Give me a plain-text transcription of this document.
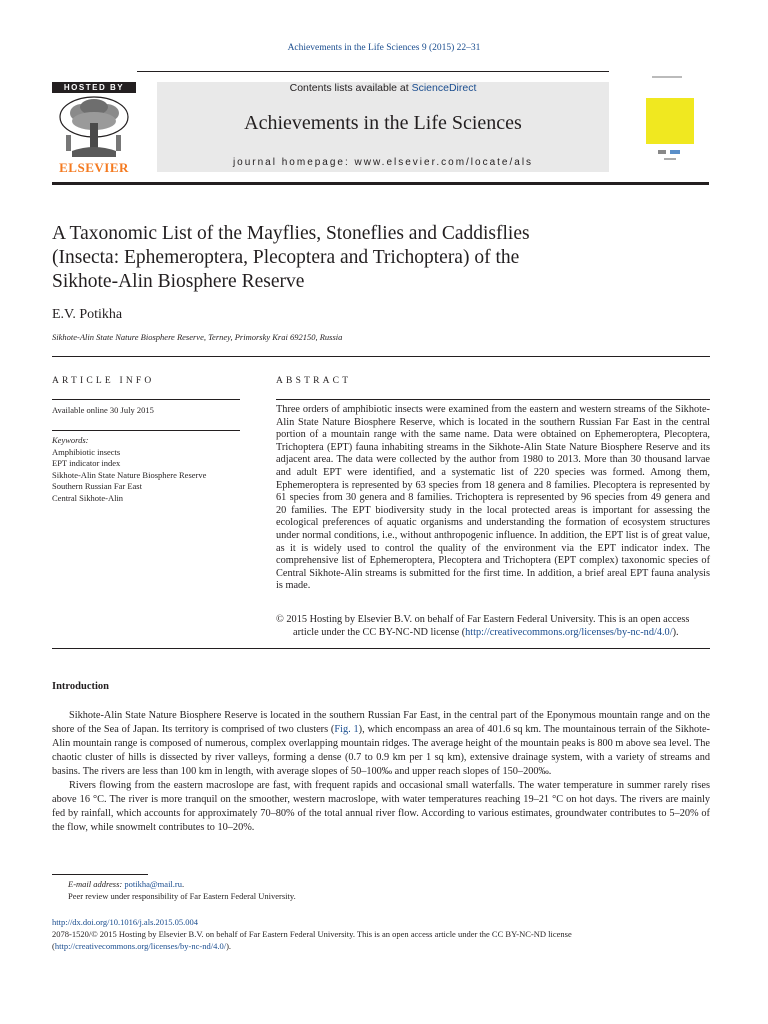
Achievements in the Life Sciences 9 (2015) 22–31
HOSTED BY
ELSEVIER
Contents lists available at ScienceDirect
Achievements in the Life Sciences
journal homepage: www.elsevier.com/locate/als
A Taxonomic List of the Mayflies, Stoneflies and Caddisflies
(Insecta: Ephemeroptera, Plecoptera and Trichoptera) of the
Sikhote-Alin Biosphere Reserve
E.V. Potikha
Sikhote-Alin State Nature Biosphere Reserve, Terney, Primorsky Krai 692150, Russia
ARTICLE INFO
Available online 30 July 2015
Keywords:
Amphibiotic insects
EPT indicator index
Sikhote-Alin State Nature Biosphere Reserve
Southern Russian Far East
Central Sikhote-Alin
ABSTRACT
Three orders of amphibiotic insects were examined from the eastern and western streams of the Sikhote-Alin State Nature Biosphere Reserve, which is located in the southern Russian Far East in the central portion of a mountain range with the same name. Data were obtained on Ephemeroptera, Plecoptera, Trichoptera (EPT) fauna inhabiting streams in the Sikhote-Alin State Nature Biosphere Reserve and its adjacent area. The data were collected by the author from 1980 to 2013. More than 30 thousand larvae and adult EPT were identified, and a systematic list of 220 species was formed. Among them, Ephemeroptera is represented by 63 species from 18 genera and 8 families. Plecoptera is represented by 61 species from 30 genera and 8 families. Trichoptera is represented by 96 species from 49 genera and 20 families. The EPT biodiversity study in the local protected areas is important for assessing the ecological preferences of aquatic organisms and understanding the formation of ecosystem structures under normal conditions, i.e., without anthropogenic influence. In addition, the EPT list is of great value, as it is widely used to control the quality of the environment via the EPT indicator index. The comprehensive list of Ephemeroptera, Plecoptera and Trichoptera (EPT complex) taxonomic species of Central Sikhote-Alin streams is submitted for the first time. In addition, a brief areal EPT fauna analysis is made.
© 2015 Hosting by Elsevier B.V. on behalf of Far Eastern Federal University. This is an open access
article under the CC BY-NC-ND license (http://creativecommons.org/licenses/by-nc-nd/4.0/).
Introduction

Sikhote-Alin State Nature Biosphere Reserve is located in the southern Russian Far East, in the central part of the Eponymous mountain range and on the shore of the Sea of Japan. Its territory is comprised of two clusters (Fig. 1), which encompass an area of 401.6 sq km. The mountainous terrain of the Sikhote-Alin mountain range is composed of numerous, complex overlapping mountain ridges. The average height of the mountain peaks is 800 m above sea level. The chaotic cluster of hills is dissected by river valleys, forming a dense (0.7 to 0.9 km per 1 sq km), extensive drainage system, with a variety of streams and basins. The rivers are less than 100 km in length, with average slopes of 50–100‰ and upper reach slopes of 150–200‰.

Rivers flowing from the eastern macroslope are fast, with frequent rapids and occasional small waterfalls. The water temperature in summer rarely rises above 16 °C. The river is more tranquil on the smoother, western macroslope, with water temperatures reaching 19–21 °C on hot days. The rivers are mainly fed by rainfall, which accounts for approximately 70–80% of the total annual river flow. According to various estimates, groundwater contributes to 5–20% of the flow, while snowmelt contributes to 10–20%.

E-mail address: potikha@mail.ru.
Peer review under responsibility of Far Eastern Federal University.
http://dx.doi.org/10.1016/j.als.2015.05.004
2078-1520/© 2015 Hosting by Elsevier B.V. on behalf of Far Eastern Federal University. This is an open access article under the CC BY-NC-ND license
(http://creativecommons.org/licenses/by-nc-nd/4.0/).
